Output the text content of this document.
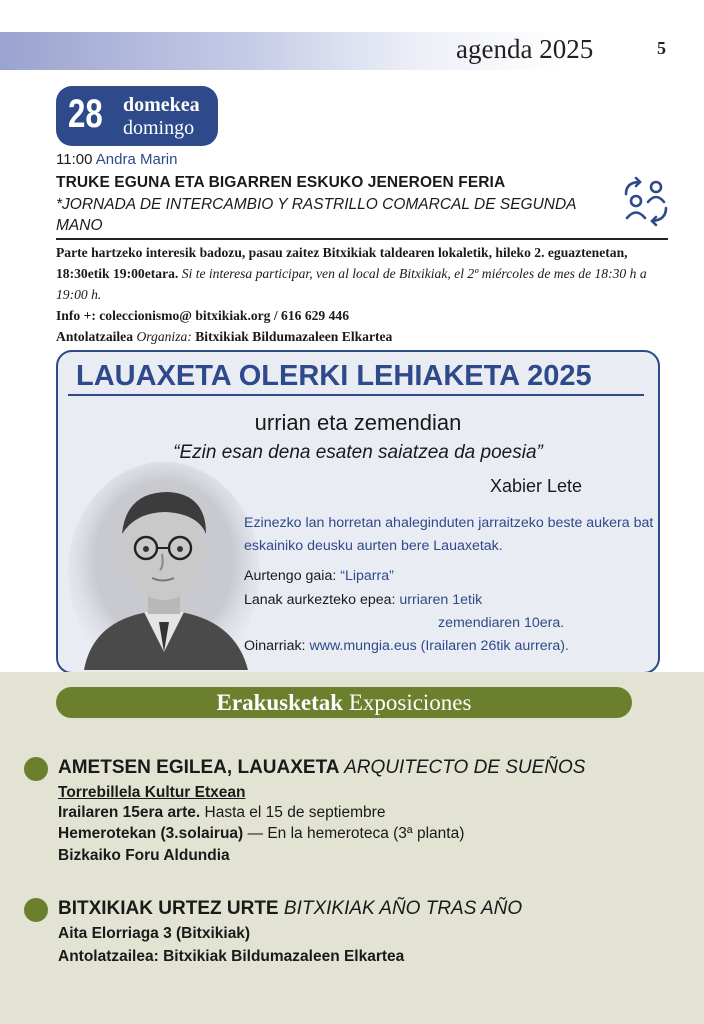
agenda 2025	5
28 domekea
domingo
11:00 Andra Marin
TRUKE EGUNA ETA BIGARREN ESKUKO JENEROEN FERIA
*JORNADA DE INTERCAMBIO Y RASTRILLO COMARCAL DE SEGUNDA MANO
Parte hartzeko interesik badozu, pasau zaitez Bitxikiak taldearen lokaletik, hileko 2. eguaztenetan, 18:30etik 19:00etara. Si te interesa participar, ven al local de Bitxikiak, el 2º miércoles de mes de 18:30 h a 19:00 h.
Info +: coleccionismo@ bitxikiak.org / 616 629 446
Antolatzailea Organiza: Bitxikiak Bildumazaleen Elkartea
LAUAXETA OLERKI LEHIAKETA 2025
urrian eta zemendian
“Ezin esan dena esaten saiatzea da poesia”
Xabier Lete
Ezinezko lan horretan ahaleginduten jarraitzeko beste aukera bat eskainiko deusku aurten bere Lauaxetak.
Aurtengo gaia: “Liparra”
Lanak aurkezteko epea: urriaren 1etik
zemendiaren 10era.
Oinarriak: www.mungia.eus (Irailaren 26tik aurrera).
Erakusketak Exposiciones
AMETSEN EGILEA, LAUAXETA ARQUITECTO DE SUEÑOS
Torrebillela Kultur Etxean
Irailaren 15era arte. Hasta el 15 de septiembre
Hemerotekan (3.solairua) — En la hemeroteca (3ª planta)
Bizkaiko Foru Aldundia
BITXIKIAK URTEZ URTE BITXIKIAK AÑO TRAS AÑO
Aita Elorriaga 3 (Bitxikiak)
Antolatzailea: Bitxikiak Bildumazaleen Elkartea
